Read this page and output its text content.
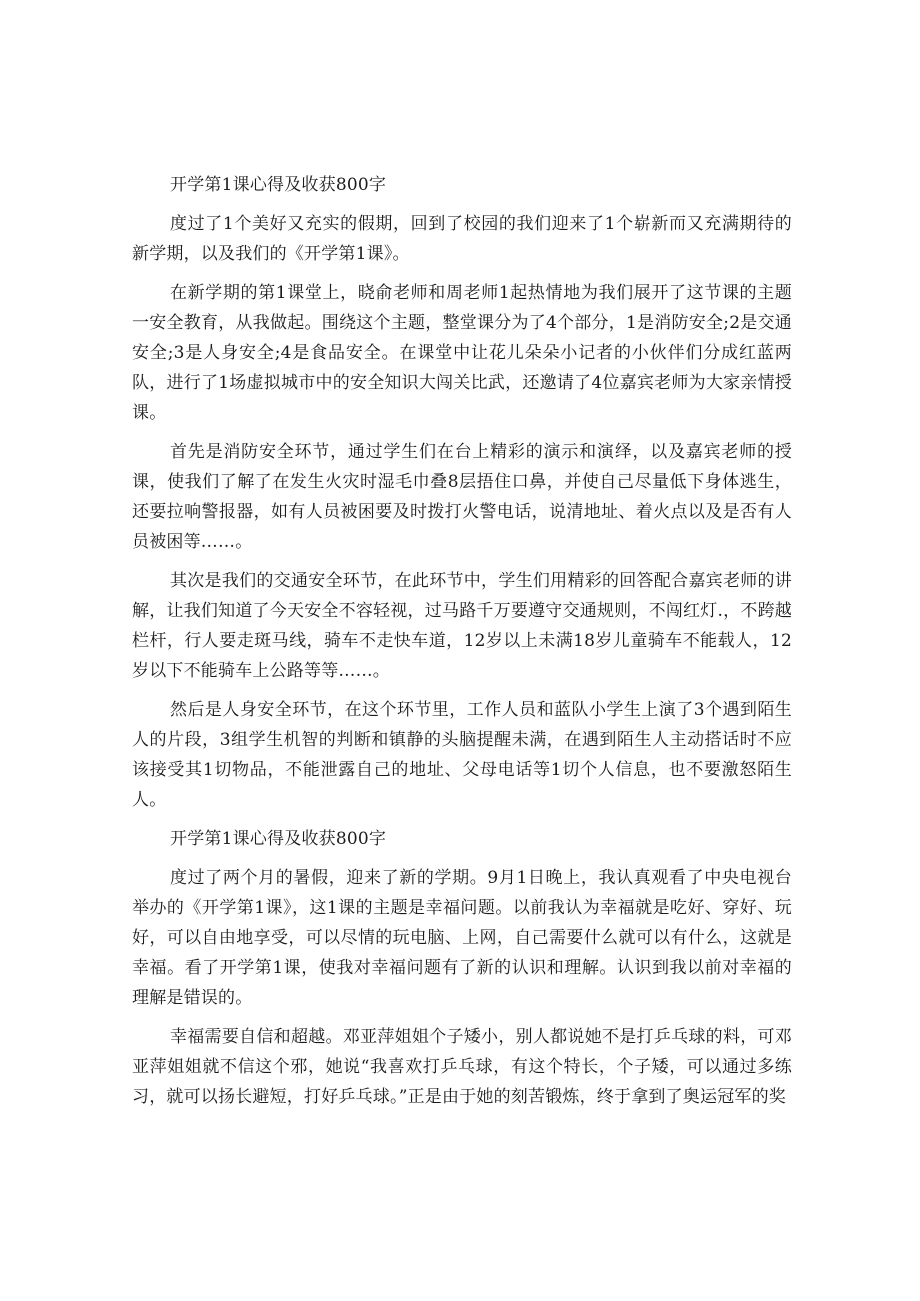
开学第1课心得及收获800字

度过了1个美好又充实的假期，回到了校园的我们迎来了1个崭新而又充满期待的新学期，以及我们的《开学第1课》。

在新学期的第1课堂上，晓俞老师和周老师1起热情地为我们展开了这节课的主题一安全教育，从我做起。围绕这个主题，整堂课分为了4个部分，1是消防安全;2是交通安全;3是人身安全;4是食品安全。在课堂中让花儿朵朵小记者的小伙伴们分成红蓝两队，进行了1场虚拟城市中的安全知识大闯关比武，还邀请了4位嘉宾老师为大家亲情授课。

首先是消防安全环节，通过学生们在台上精彩的演示和演绎，以及嘉宾老师的授课，使我们了解了在发生火灾时湿毛巾叠8层捂住口鼻，并使自己尽量低下身体逃生，还要拉响警报器，如有人员被困要及时拨打火警电话，说清地址、着火点以及是否有人员被困等……。

其次是我们的交通安全环节，在此环节中，学生们用精彩的回答配合嘉宾老师的讲解，让我们知道了今天安全不容轻视，过马路千万要遵守交通规则，不闯红灯.，不跨越栏杆，行人要走斑马线，骑车不走快车道，12岁以上未满18岁儿童骑车不能载人，12岁以下不能骑车上公路等等……。

然后是人身安全环节，在这个环节里，工作人员和蓝队小学生上演了3个遇到陌生人的片段，3组学生机智的判断和镇静的头脑提醒未满，在遇到陌生人主动搭话时不应该接受其1切物品，不能泄露自己的地址、父母电话等1切个人信息，也不要激怒陌生人。

开学第1课心得及收获800字

度过了两个月的暑假，迎来了新的学期。9月1日晚上，我认真观看了中央电视台举办的《开学第1课》，这1课的主题是幸福问题。以前我认为幸福就是吃好、穿好、玩好，可以自由地享受，可以尽情的玩电脑、上网，自己需要什么就可以有什么，这就是幸福。看了开学第1课，使我对幸福问题有了新的认识和理解。认识到我以前对幸福的理解是错误的。

幸福需要自信和超越。邓亚萍姐姐个子矮小，别人都说她不是打乒乓球的料，可邓亚萍姐姐就不信这个邪，她说“我喜欢打乒乓球，有这个特长，个子矮，可以通过多练习，就可以扬长避短，打好乒乓球。”正是由于她的刻苦锻炼，终于拿到了奥运冠军的奖
